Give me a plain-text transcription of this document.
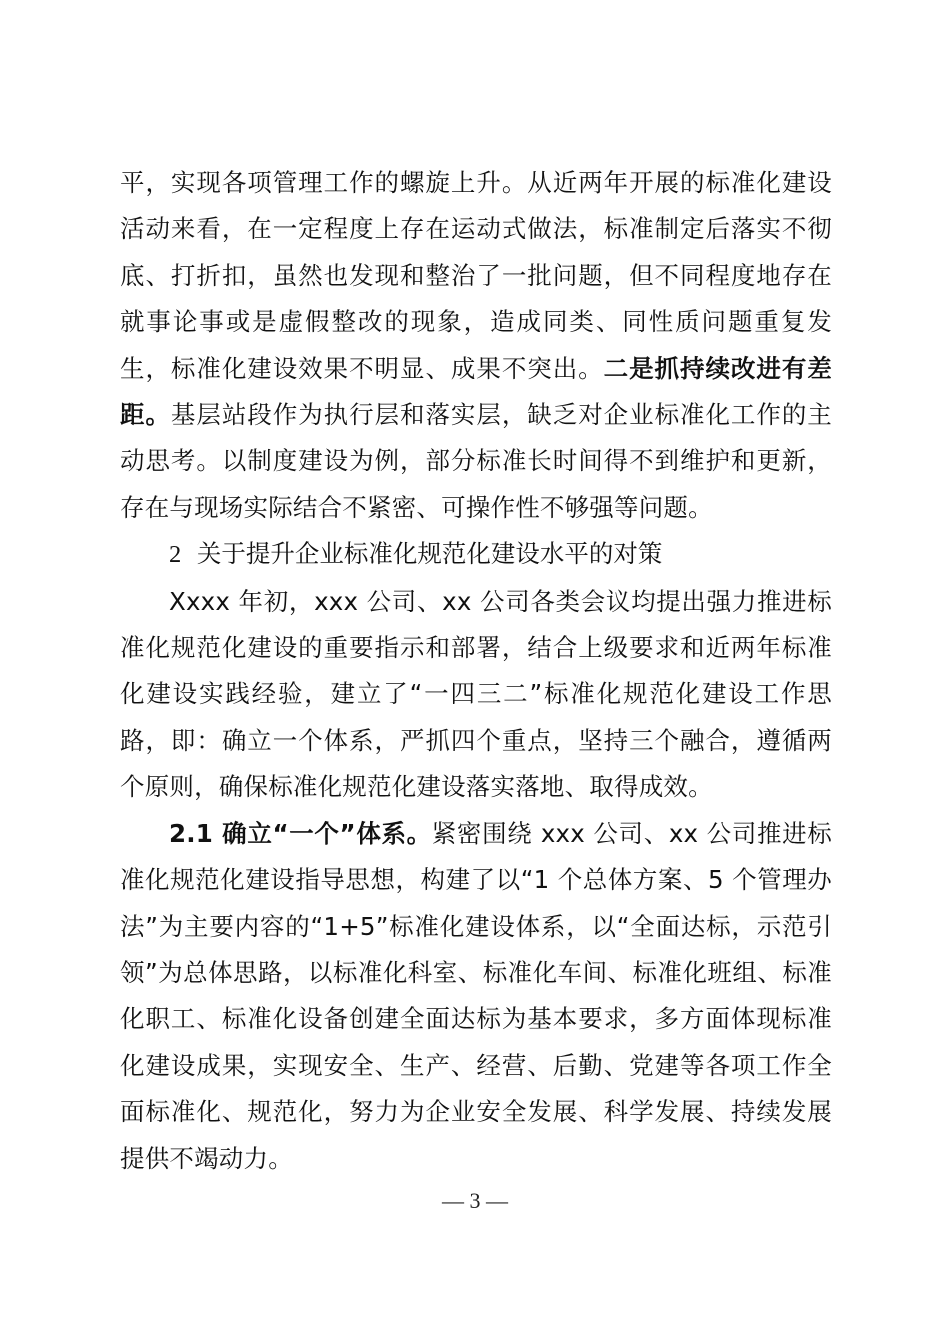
平，实现各项管理工作的螺旋上升。从近两年开展的标准化建设活动来看，在一定程度上存在运动式做法，标准制定后落实不彻底、打折扣，虽然也发现和整治了一批问题，但不同程度地存在就事论事或是虚假整改的现象，造成同类、同性质问题重复发生，标准化建设效果不明显、成果不突出。二是抓持续改进有差距。基层站段作为执行层和落实层，缺乏对企业标准化工作的主动思考。以制度建设为例，部分标准长时间得不到维护和更新，存在与现场实际结合不紧密、可操作性不够强等问题。

2 关于提升企业标准化规范化建设水平的对策

Xxxx 年初，xxx 公司、xx 公司各类会议均提出强力推进标准化规范化建设的重要指示和部署，结合上级要求和近两年标准化建设实践经验，建立了“一四三二”标准化规范化建设工作思路，即：确立一个体系，严抓四个重点，坚持三个融合，遵循两个原则，确保标准化规范化建设落实落地、取得成效。

2.1 确立“一个”体系。紧密围绕 xxx 公司、xx 公司推进标准化规范化建设指导思想，构建了以“1 个总体方案、5 个管理办法”为主要内容的“1+5”标准化建设体系，以“全面达标，示范引领”为总体思路，以标准化科室、标准化车间、标准化班组、标准化职工、标准化设备创建全面达标为基本要求，多方面体现标准化建设成果，实现安全、生产、经营、后勤、党建等各项工作全面标准化、规范化，努力为企业安全发展、科学发展、持续发展提供不竭动力。

— 3 —
